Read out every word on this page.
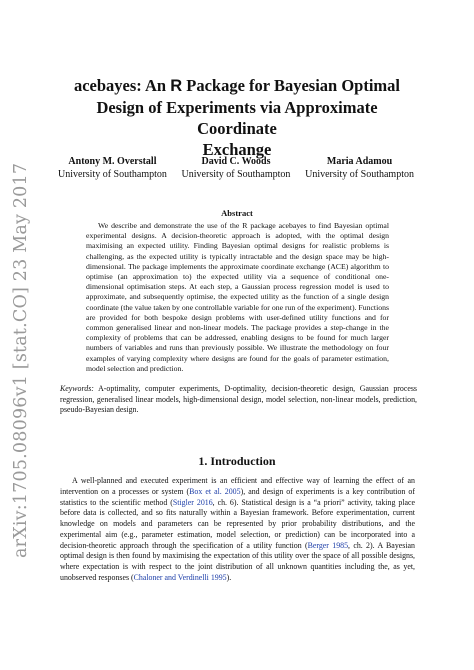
arXiv:1705.08096v1 [stat.CO] 23 May 2017
acebayes: An R Package for Bayesian Optimal
Design of Experiments via Approximate Coordinate
Exchange
Antony M. Overstall
University of Southampton
David C. Woods
University of Southampton
Maria Adamou
University of Southampton
Abstract

We describe and demonstrate the use of the R package acebayes to find Bayesian optimal experimental designs. A decision-theoretic approach is adopted, with the optimal design maximising an expected utility. Finding Bayesian optimal designs for realistic problems is challenging, as the expected utility is typically intractable and the design space may be high-dimensional. The package implements the approximate coordinate exchange (ACE) algorithm to optimise (an approximation to) the expected utility via a sequence of conditional one-dimensional optimisation steps. At each step, a Gaussian process regression model is used to approximate, and subsequently optimise, the expected utility as the function of a single design coordinate (the value taken by one controllable variable for one run of the experiment). Functions are provided for both bespoke design problems with user-defined utility functions and for common generalised linear and non-linear models. The package provides a step-change in the complexity of problems that can be addressed, enabling designs to be found for much larger numbers of variables and runs than previously possible. We illustrate the methodology on four examples of varying complexity where designs are found for the goals of parameter estimation, model selection and prediction.

Keywords: A-optimality, computer experiments, D-optimality, decision-theoretic design, Gaussian process regression, generalised linear models, high-dimensional design, model selection, non-linear models, prediction, pseudo-Bayesian design.

1. Introduction

A well-planned and executed experiment is an efficient and effective way of learning the effect of an intervention on a processes or system (Box et al. 2005), and design of experiments is a key contribution of statistics to the scientific method (Stigler 2016, ch. 6). Statistical design is a “a priori” activity, taking place before data is collected, and so fits naturally within a Bayesian framework. Before experimentation, current knowledge on models and parameters can be represented by prior probability distributions, and the experimental aim (e.g., parameter estimation, model selection, or prediction) can be incorporated into a decision-theoretic approach through the specification of a utility function (Berger 1985, ch. 2). A Bayesian optimal design is then found by maximising the expectation of this utility over the space of all possible designs, where expectation is with respect to the joint distribution of all unknown quantities including the, as yet, unobserved responses (Chaloner and Verdinelli 1995).
